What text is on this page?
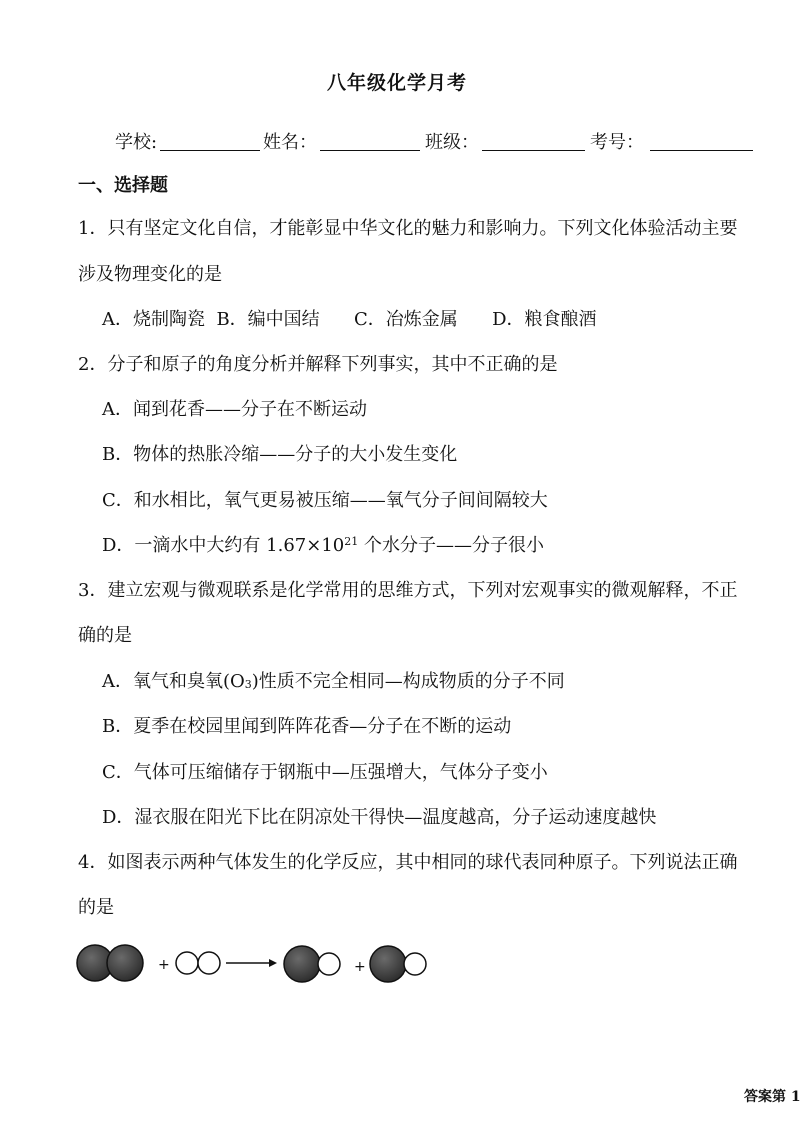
八年级化学月考
学校:	姓名：	班级：	考号：
一、选择题
1．只有坚定文化自信，才能彰显中华文化的魅力和影响力。下列文化体验活动主要
涉及物理变化的是
A．烧制陶瓷  B．编中国结      C．冶炼金属      D．粮食酿酒
2．分子和原子的角度分析并解释下列事实，其中不正确的是
A．闻到花香——分子在不断运动
B．物体的热胀冷缩——分子的大小发生变化
C．和水相比，氧气更易被压缩——氧气分子间间隔较大
D．一滴水中大约有 $1.67\times 10^{21}$ 个水分子——分子很小
3．建立宏观与微观联系是化学常用的思维方式，下列对宏观事实的微观解释，不正
确的是
A．氧气和臭氧$(O_3)$性质不完全相同—构成物质的分子不同
B．夏季在校园里闻到阵阵花香—分子在不断的运动
C．气体可压缩储存于钢瓶中—压强增大，气体分子变小
D．湿衣服在阳光下比在阴凉处干得快—温度越高，分子运动速度越快
4．如图表示两种气体发生的化学反应，其中相同的球代表同种原子。下列说法正确
的是
+	+
答案第 1
